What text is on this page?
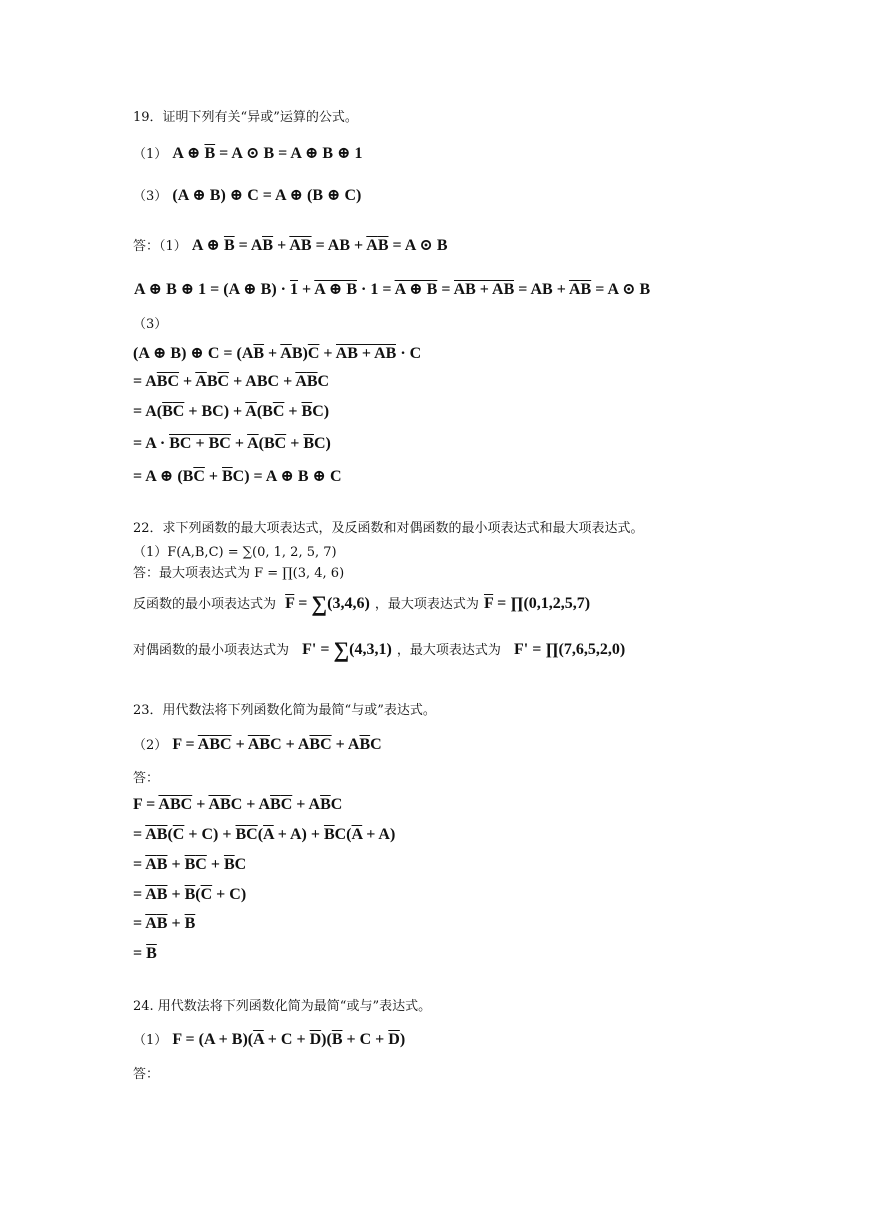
19．证明下列有关“异或”运算的公式。
（1） A ⊕ $\overline{B} = A$ ⊙ B = A ⊕ B ⊕ 1
（3） (A ⊕ B) ⊕ C = A ⊕ (B ⊕ C)
答：（1） A ⊕ $\overline{B} = A\overline{B} + \overline{AB}$ = AB + $\overline{A}\overline{B} = A$ ⊙ B
A ⊕ B ⊕ 1 = (A ⊕ B) · 1 + A ⊕ B · 1 = A ⊕ $B = A\overline{B} + \overline{A}B$ = AB + $\overline{A}\overline{B} = A$ ⊙ B
（3）
(A ⊕ B) ⊕ $C = (A\overline{B} + \overline{A}B)\overline{C} + A\overline{B} + \overline{A}B \cdot C$
= $A\overline{B}\overline{C} + \overline{A}B\overline{C}$ + ABC + $\overline{A}\overline{B}C$
= $A(\overline{B}\overline{C} + BC) + \overline{A}(B\overline{C} + \overline{B}C)$
= $A \cdot B\overline{C} + \overline{B}C + \overline{A}(B\overline{C} + \overline{B}C)$
= A ⊕ $(B\overline{C} + \overline{B}C) = A$ ⊕ B ⊕ C
22．求下列函数的最大项表达式，及反函数和对偶函数的最小项表达式和最大项表达式。
（1）F(A,B,C) = ∑(0, 1, 2, 5, 7)
答：最大项表达式为 F = ∏(3, 4, 6)
反函数的最小项表达式为 $\overline{F} = \sum(3,4,6)$ ，最大项表达式为 $\overline{F}$ = ∏(0,1,2,5,7)
对偶函数的最小项表达式为   F' = ∑(4,3,1) ，最大项表达式为   F' = ∏(7,6,5,2,0)
23．用代数法将下列函数化简为最简“与或”表达式。
（2） $F = \overline{A}\overline{B}\overline{C} + \overline{A}\overline{B}C + A\overline{B}\overline{C} + A\overline{B}C$
答：
$F = \overline{A}\overline{B}\overline{C} + \overline{A}\overline{B}C + A\overline{B}\overline{C} + A\overline{B}C$
= $\overline{A}\overline{B}(\overline{C} + C) + \overline{B}\overline{C}(\overline{A} + A) + \overline{B}C(\overline{A} + A)$
= $\overline{A}\overline{B} + \overline{B}\overline{C} + \overline{B}C$
= $\overline{A}\overline{B} + \overline{B}(\overline{C} + C)$
= $\overline{A}\overline{B} + \overline{B}$
= $\overline{B}$
24. 用代数法将下列函数化简为最简“或与”表达式。
（1） $F = (A + B)(\overline{A} + C + \overline{D})(\overline{B} + C + \overline{D})$
答：
